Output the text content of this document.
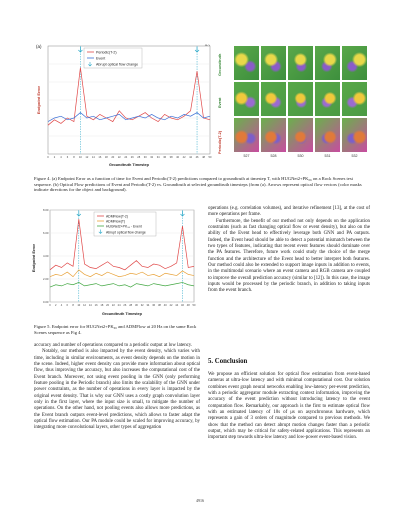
(a)
0 2 4 6 8 10 12 14 16 18 20 22 24 26 28 30 32 34 36 38 40 42 44 46 48 50
Endpoint Error
Groundtruth Timestep
Periodic(T-2)
Event
Abrupt optical flow change	Groundtruth
Event
Periodic(T-2)
527	528	530	531	532
Figure 4. (a) Endpoint Error as a function of time for Event and Periodic(T-2) predictions compared to groundtruth at timestep T, with HUGNet2+PK₀₆ on a Rock Scenes test sequence. (b) Optical Flow predictions of Event and Periodic(T-2) vs. Groundtruth at selected groundtruth timesteps (from (a). Arrows represent optical flow vectors (color masks indicate directions for the object and background).
0.00
2.00
4.00
6.00
8.00
0 2 4 6 8 10 12 14 16 18 20 22 24 26 28 30 32 34 36 38 40 42 44 46 48 50
Endpoint Error
Groundtruth Timestep
ADMFlow(T-2)
ADMFlow(T)
HUGNet2+PK₀₆ - Event
Abrupt optical flow change
Figure 5. Endpoint error for HUGNet2+PK₀₆ and ADMFlow at 20 Hz on the same Rock Scenes sequence as Fig 4.

accuracy and number of operations compared to a periodic output at low latency.

Notably, our method is also impacted by the event density, which varies with time, including in similar environments, as event density depends on the motion in the scene. Indeed, higher event density can provide more information about optical flow, thus improving the accuracy, but also increases the computational cost of the Event branch. Moreover, not using event pooling in the GNN (only performing feature pooling in the Periodic branch) also limits the scalability of the GNN under power constraints, as the number of operations in every layer is impacted by the original event density. That is why our GNN uses a costly graph convolution layer only in the first layer, where the input size is small, to mitigate the number of operations. On the other hand, not pooling events also allows more predictions, as the Event branch outputs event-level predictions, which allows to faster adapt the optical flow estimation. Our PA module could be scaled for improving accuracy, by integrating more convolutional layers, other types of aggregation

operations (e.g. correlation volumes), and iterative refinement [13], at the cost of more operations per frame.

Furthermore, the benefit of our method not only depends on the application constraints (such as fast changing optical flow or event density), but also on the ability of the Event head to effectively leverage both GNN and PA outputs. Indeed, the Event head should be able to detect a potential mismatch between the two types of features, indicating that recent event features should dominate over the PA features. Therefore, future work could study the choice of the merge function and the architecture of the Event head to better interpret both features. Our method could also be extended to support image inputs in addition to events, in the multimodal scenario where an event camera and RGB camera are coupled to improve the overall prediction accuracy (similar to [12]). In this case, the image inputs would be processed by the periodic branch, in addition to taking inputs from the event branch.

5. Conclusion
We propose an efficient solution for optical flow estimation from event-based cameras at ultra-low latency and with minimal computational cost. Our solution combines event graph neural networks enabling low-latency per-event prediction, with a periodic aggregator module extracting context information, improving the accuracy of the event prediction without introducing latency to the event computation flow. Remarkably, our approach is the first to estimate optical flow with an estimated latency of 10s of μs on asynchronous hardware, which represents a gain of 3 orders of magnitude compared to previous methods. We show that the method can detect abrupt motion changes faster than a periodic output, which may be critical for safety-related applications. This represents an important step towards ultra-low latency and low-power event-based vision.
4916
